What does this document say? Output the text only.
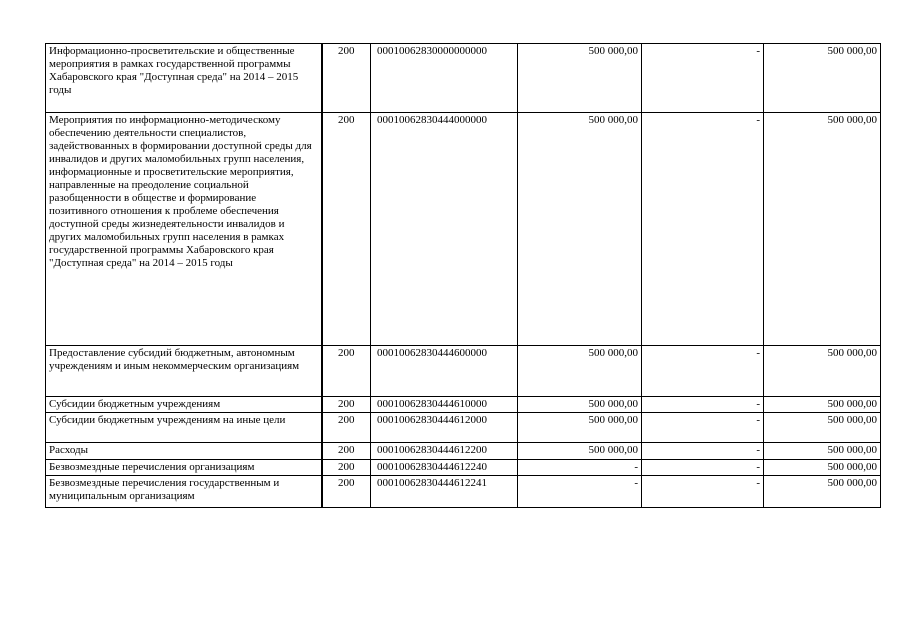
Информационно-просветительские и общественные мероприятия в рамках государственной программы Хабаровского края "Доступная среда" на 2014 – 2015 годы	200	00010062830000000000	500 000,00	-	500 000,00
Мероприятия по информационно-методическому обеспечению деятельности специалистов, задействованных в формировании доступной среды для инвалидов и других маломобильных групп населения, информационные и просветительские мероприятия, направленные на преодоление социальной разобщенности в обществе и формирование позитивного отношения к проблеме обеспечения доступной среды жизнедеятельности инвалидов и других маломобильных групп населения в рамках государственной программы Хабаровского края "Доступная среда" на 2014 – 2015 годы	200	00010062830444000000	500 000,00	-	500 000,00
Предоставление субсидий бюджетным, автономным учреждениям и иным некоммерческим организациям	200	00010062830444600000	500 000,00	-	500 000,00
Субсидии бюджетным учреждениям	200	00010062830444610000	500 000,00	-	500 000,00
Субсидии бюджетным учреждениям на иные цели	200	00010062830444612000	500 000,00	-	500 000,00
Расходы	200	00010062830444612200	500 000,00	-	500 000,00
Безвозмездные перечисления организациям	200	00010062830444612240	-	-	500 000,00
Безвозмездные перечисления государственным и муниципальным организациям	200	00010062830444612241	-	-	500 000,00
